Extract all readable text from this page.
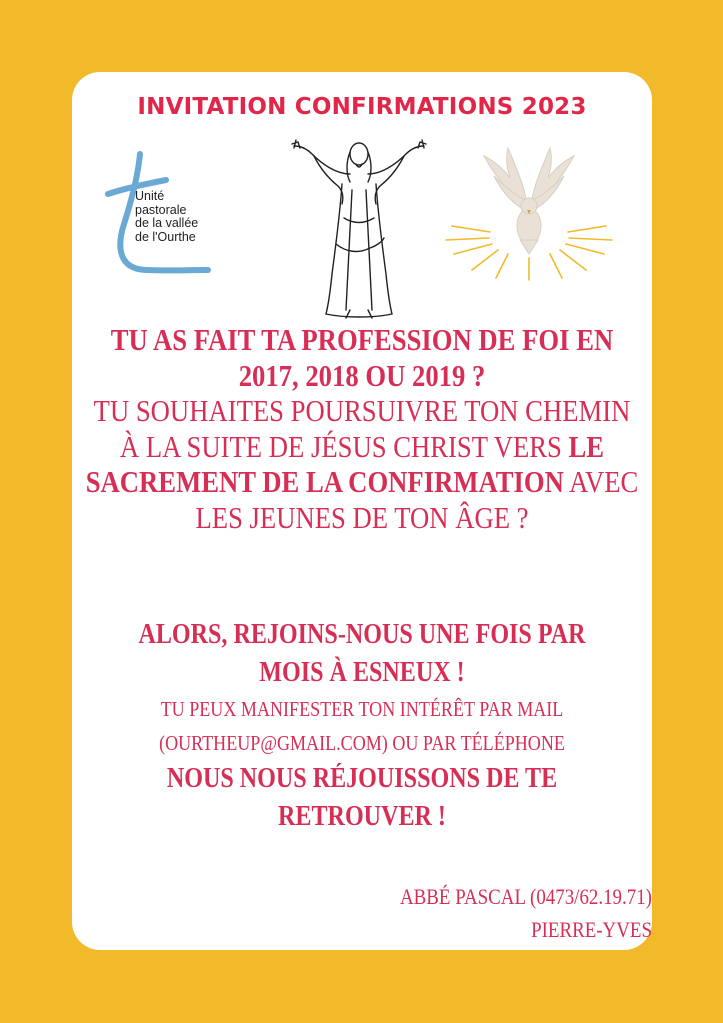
INVITATION CONFIRMATIONS 2023
Unité
pastorale
de la vallée
de l'Ourthe
TU AS FAIT TA PROFESSION DE FOI EN
2017, 2018 OU 2019 ?
TU SOUHAITES POURSUIVRE TON CHEMIN
À LA SUITE DE JÉSUS CHRIST VERS LE
SACREMENT DE LA CONFIRMATION AVEC
LES JEUNES DE TON ÂGE ?
ALORS, REJOINS-NOUS UNE FOIS PAR
MOIS À ESNEUX !
TU PEUX MANIFESTER TON INTÉRÊT PAR MAIL
(OURTHEUP@GMAIL.COM) OU PAR TÉLÉPHONE
NOUS NOUS RÉJOUISSONS DE TE
RETROUVER !
ABBÉ PASCAL (0473/62.19.71)
PIERRE-YVES
